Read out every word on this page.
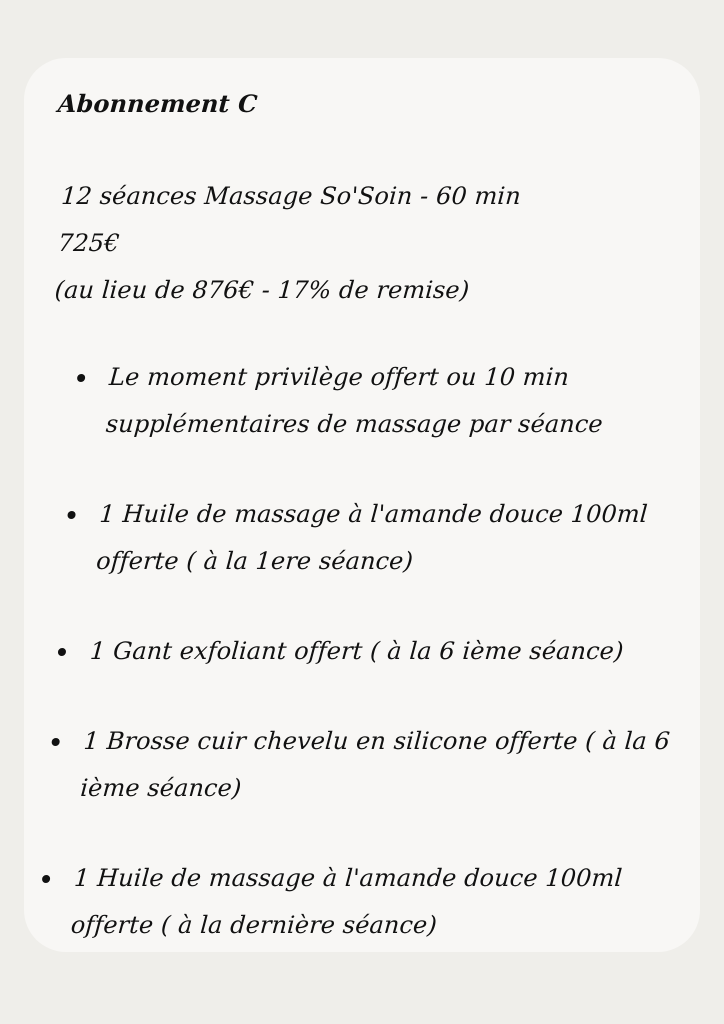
Abonnement C
12 séances Massage So'Soin - 60 min
725€
(au lieu de 876€ - 17% de remise)
Le moment privilège offert ou 10 min supplémentaires de massage par séance
1 Huile de massage à l'amande douce 100ml offerte ( à la 1ere séance)
1 Gant exfoliant offert ( à la 6 ième séance)
1 Brosse cuir chevelu en silicone offerte ( à la 6 ième séance)
1 Huile de massage à l'amande douce 100ml offerte ( à la dernière séance)
